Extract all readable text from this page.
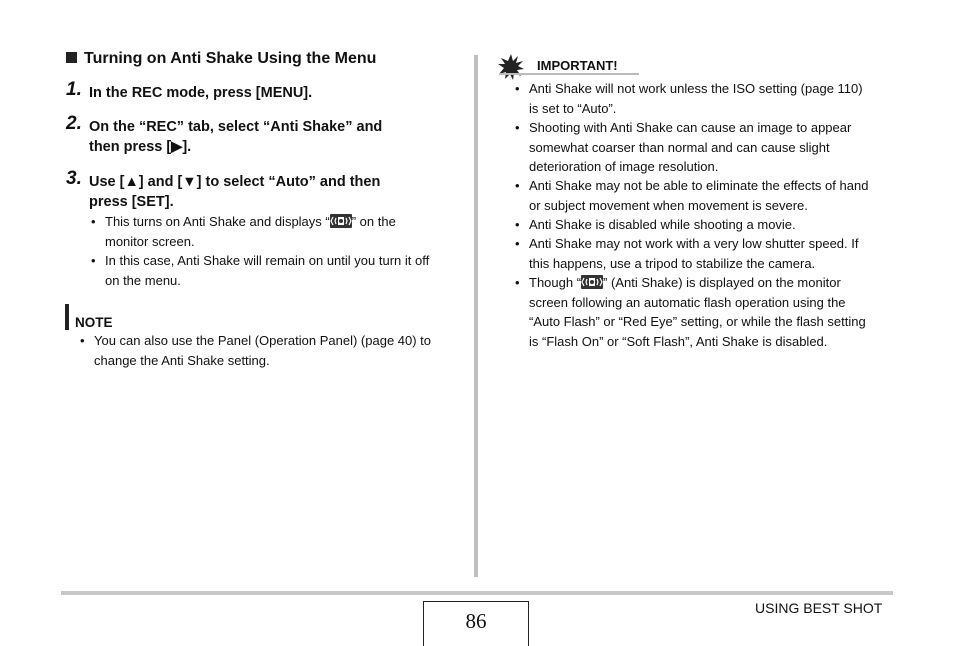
Turning on Anti Shake Using the Menu
1. In the REC mode, press [MENU].
2. On the “REC” tab, select “Anti Shake” and
then press [▶].
3. Use [▲] and [▼] to select “Auto” and then
press [SET].
• This turns on Anti Shake and displays “ ” on the
monitor screen.
• In this case, Anti Shake will remain on until you turn it off
on the menu.
NOTE
• You can also use the Panel (Operation Panel) (page 40) to
change the Anti Shake setting.
IMPORTANT!
• Anti Shake will not work unless the ISO setting (page 110)
is set to “Auto”.
• Shooting with Anti Shake can cause an image to appear
somewhat coarser than normal and can cause slight
deterioration of image resolution.
• Anti Shake may not be able to eliminate the effects of hand
or subject movement when movement is severe.
• Anti Shake is disabled while shooting a movie.
• Anti Shake may not work with a very low shutter speed. If
this happens, use a tripod to stabilize the camera.
• Though “ ” (Anti Shake) is displayed on the monitor
screen following an automatic flash operation using the
“Auto Flash” or “Red Eye” setting, or while the flash setting
is “Flash On” or “Soft Flash”, Anti Shake is disabled.
86
USING BEST SHOT
